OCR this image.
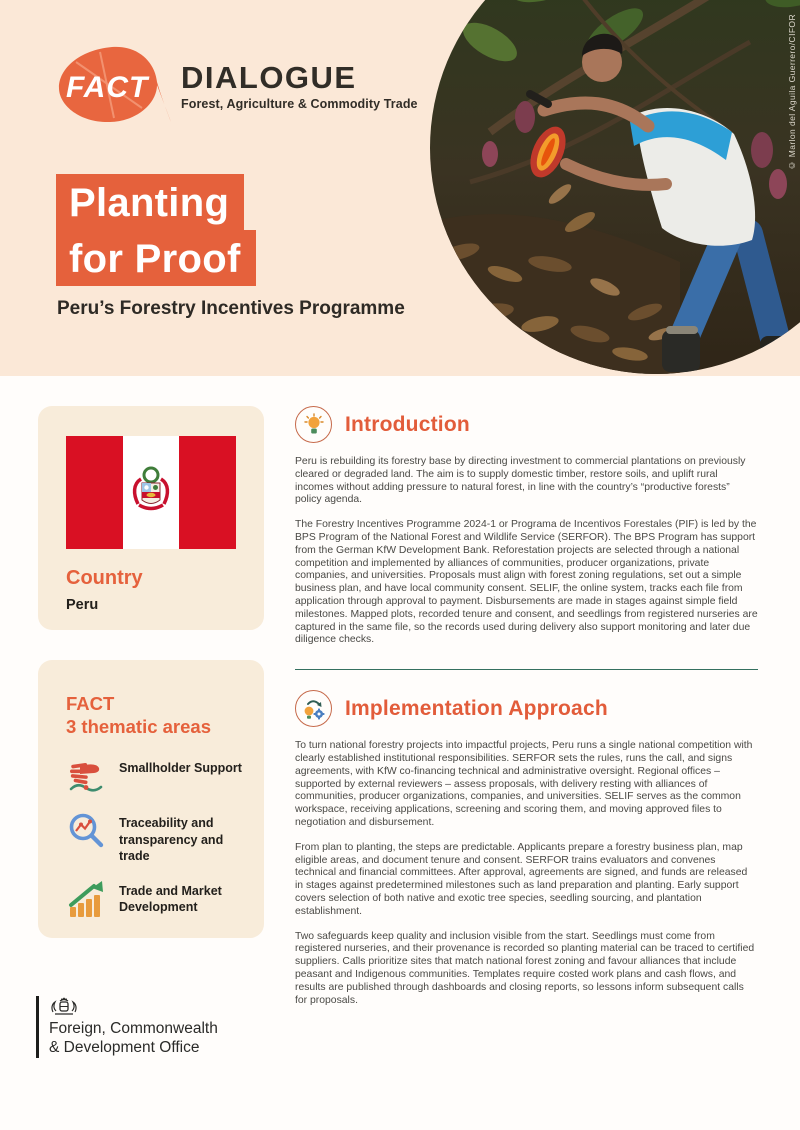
© Marlon del Aguila Guerrero/CIFOR
FACT DIALOGUE
Forest, Agriculture & Commodity Trade
Planting
for Proof
Peru’s Forestry Incentives Programme
Country
Peru
FACT
3 thematic areas
Smallholder Support
Traceability and transparency and trade
Trade and Market Development
Introduction

Peru is rebuilding its forestry base by directing investment to commercial plantations on previously cleared or degraded land. The aim is to supply domestic timber, restore soils, and uplift rural incomes without adding pressure to natural forest, in line with the country’s “productive forests” policy agenda.

The Forestry Incentives Programme 2024-1 or Programa de Incentivos Forestales (PIF) is led by the BPS Program of the National Forest and Wildlife Service (SERFOR). The BPS Program has support from the German KfW Development Bank. Reforestation projects are selected through a national competition and implemented by alliances of communities, producer organizations, private companies, and universities. Proposals must align with forest zoning regulations, set out a simple business plan, and have local community consent. SELIF, the online system, tracks each file from application through approval to payment. Disbursements are made in stages against simple field milestones. Mapped plots, recorded tenure and consent, and seedlings from registered nurseries are captured in the same file, so the records used during delivery also support monitoring and later due diligence checks.

Implementation Approach

To turn national forestry projects into impactful projects, Peru runs a single national competition with clearly established institutional responsibilities. SERFOR sets the rules, runs the call, and signs agreements, with KfW co-financing technical and administrative oversight. Regional offices – supported by external reviewers – assess proposals, with delivery resting with alliances of communities, producer organizations, companies, and universities. SELIF serves as the common workspace, receiving applications, screening and scoring them, and moving approved files to negotiation and disbursement.

From plan to planting, the steps are predictable. Applicants prepare a forestry business plan, map eligible areas, and document tenure and consent. SERFOR trains evaluators and convenes technical and financial committees. After approval, agreements are signed, and funds are released in stages against predetermined milestones such as land preparation and planting. Early support covers selection of both native and exotic tree species, seedling sourcing, and plantation establishment.

Two safeguards keep quality and inclusion visible from the start. Seedlings must come from registered nurseries, and their provenance is recorded so planting material can be traced to certified suppliers. Calls prioritize sites that match national forest zoning and favour alliances that include peasant and Indigenous communities. Templates require costed work plans and cash flows, and results are published through dashboards and closing reports, so lessons inform subsequent calls for proposals.

Foreign, Commonwealth
& Development Office
